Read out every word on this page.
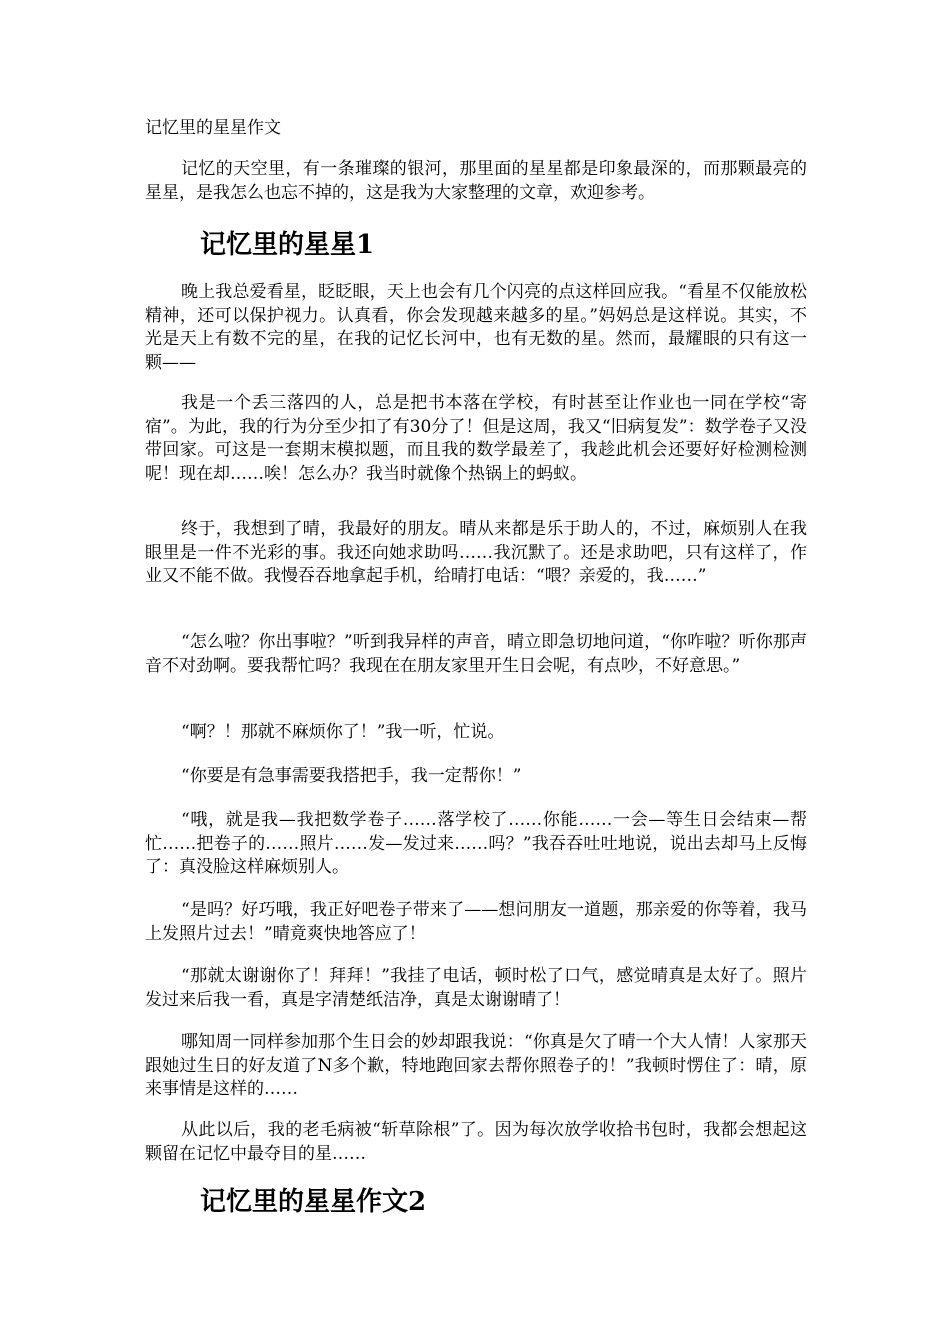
记忆里的星星作文

记忆的天空里，有一条璀璨的银河，那里面的星星都是印象最深的，而那颗最亮的星星，是我怎么也忘不掉的，这是我为大家整理的文章，欢迎参考。

记忆里的星星1

晚上我总爱看星，眨眨眼，天上也会有几个闪亮的点这样回应我。“看星不仅能放松精神，还可以保护视力。认真看，你会发现越来越多的星。”妈妈总是这样说。其实，不光是天上有数不完的星，在我的记忆长河中，也有无数的星。然而，最耀眼的只有这一颗——

我是一个丢三落四的人，总是把书本落在学校，有时甚至让作业也一同在学校“寄宿”。为此，我的行为分至少扣了有30分了！但是这周，我又“旧病复发”：数学卷子又没带回家。可这是一套期末模拟题，而且我的数学最差了，我趁此机会还要好好检测检测呢！现在却……唉！怎么办？我当时就像个热锅上的蚂蚁。

终于，我想到了晴，我最好的朋友。晴从来都是乐于助人的，不过，麻烦别人在我眼里是一件不光彩的事。我还向她求助吗……我沉默了。还是求助吧，只有这样了，作业又不能不做。我慢吞吞地拿起手机，给晴打电话：“喂？亲爱的，我……”

“怎么啦？你出事啦？”听到我异样的声音，晴立即急切地问道，“你咋啦？听你那声音不对劲啊。要我帮忙吗？我现在在朋友家里开生日会呢，有点吵，不好意思。”

“啊？！那就不麻烦你了！”我一听，忙说。

“你要是有急事需要我搭把手，我一定帮你！”

“哦，就是我—我把数学卷子……落学校了……你能……一会—等生日会结束—帮忙……把卷子的……照片……发—发过来……吗？”我吞吞吐吐地说，说出去却马上反悔了：真没脸这样麻烦别人。

“是吗？好巧哦，我正好吧卷子带来了——想问朋友一道题，那亲爱的你等着，我马上发照片过去！”晴竟爽快地答应了！

“那就太谢谢你了！拜拜！”我挂了电话，顿时松了口气，感觉晴真是太好了。照片发过来后我一看，真是字清楚纸洁净，真是太谢谢晴了！

哪知周一同样参加那个生日会的妙却跟我说：“你真是欠了晴一个大人情！人家那天跟她过生日的好友道了N多个歉，特地跑回家去帮你照卷子的！”我顿时愣住了：晴，原来事情是这样的……

从此以后，我的老毛病被“斩草除根”了。因为每次放学收拾书包时，我都会想起这颗留在记忆中最夺目的星……

记忆里的星星作文2
